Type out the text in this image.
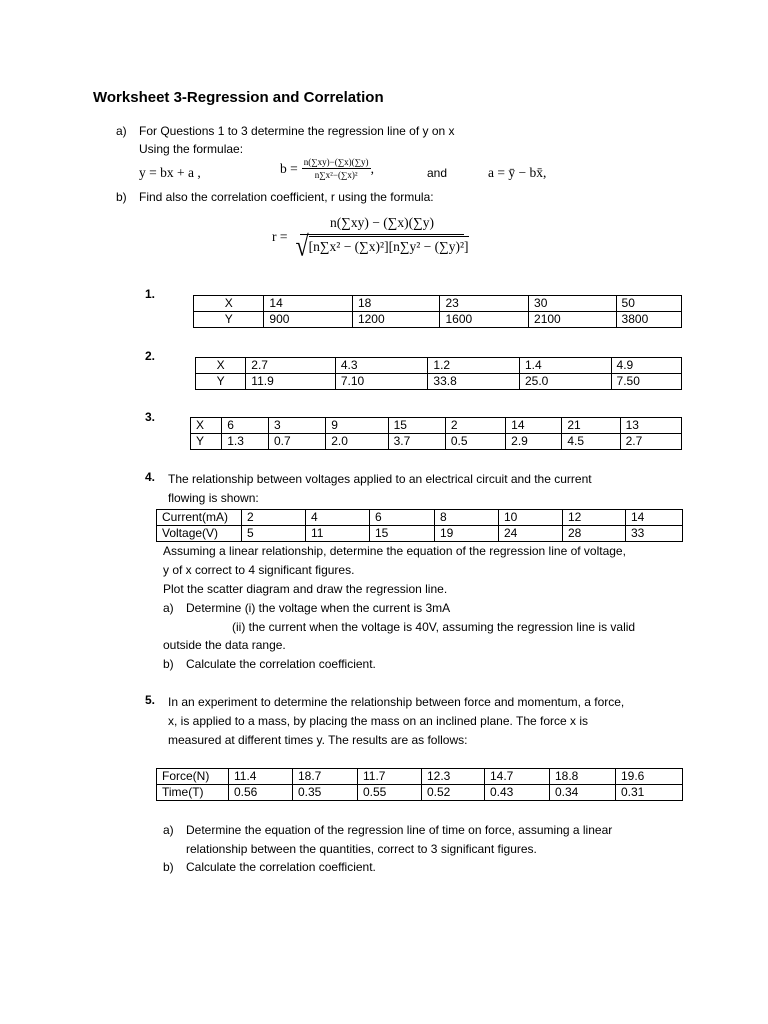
Worksheet 3-Regression and Correlation
a) For Questions 1 to 3 determine the regression line of y on x
Using the formulae:
y = bx + a ,	$b = \frac{n(\sum xy)-(\sum x)(\sum y)}{\text{n∑x²−(∑x)²}}$ ,	and	a = ȳ − bx̄,
b) Find also the correlation coefficient, r using the formula:
$r = \frac{n(\sum xy) - (\sum x)(\sum y)}{\text{√ [n∑x² − (∑x)²][n∑y² − (∑y)²]}}$
1.
X	14	18	23	30	50
Y	900	1200	1600	2100	3800
2.
X	2.7	4.3	1.2	1.4	4.9
Y	11.9	7.10	33.8	25.0	7.50
3.
X	6	3	9	15	2	14	21	13
Y	1.3	0.7	2.0	3.7	0.5	2.9	4.5	2.7
4. The relationship between voltages applied to an electrical circuit and the current
flowing is shown:
Current(mA)	2	4	6	8	10	12	14
Voltage(V)	5	11	15	19	24	28	33
Assuming a linear relationship, determine the equation of the regression line of voltage,
y of x correct to 4 significant figures.
Plot the scatter diagram and draw the regression line.
a) Determine (i) the voltage when the current is 3mA
(ii) the current when the voltage is 40V, assuming the regression line is valid
outside the data range.
b) Calculate the correlation coefficient.
5. In an experiment to determine the relationship between force and momentum, a force,
x, is applied to a mass, by placing the mass on an inclined plane. The force x is
measured at different times y. The results are as follows:
Force(N)	11.4	18.7	11.7	12.3	14.7	18.8	19.6
Time(T)	0.56	0.35	0.55	0.52	0.43	0.34	0.31
a) Determine the equation of the regression line of time on force, assuming a linear
relationship between the quantities, correct to 3 significant figures.
b) Calculate the correlation coefficient.
